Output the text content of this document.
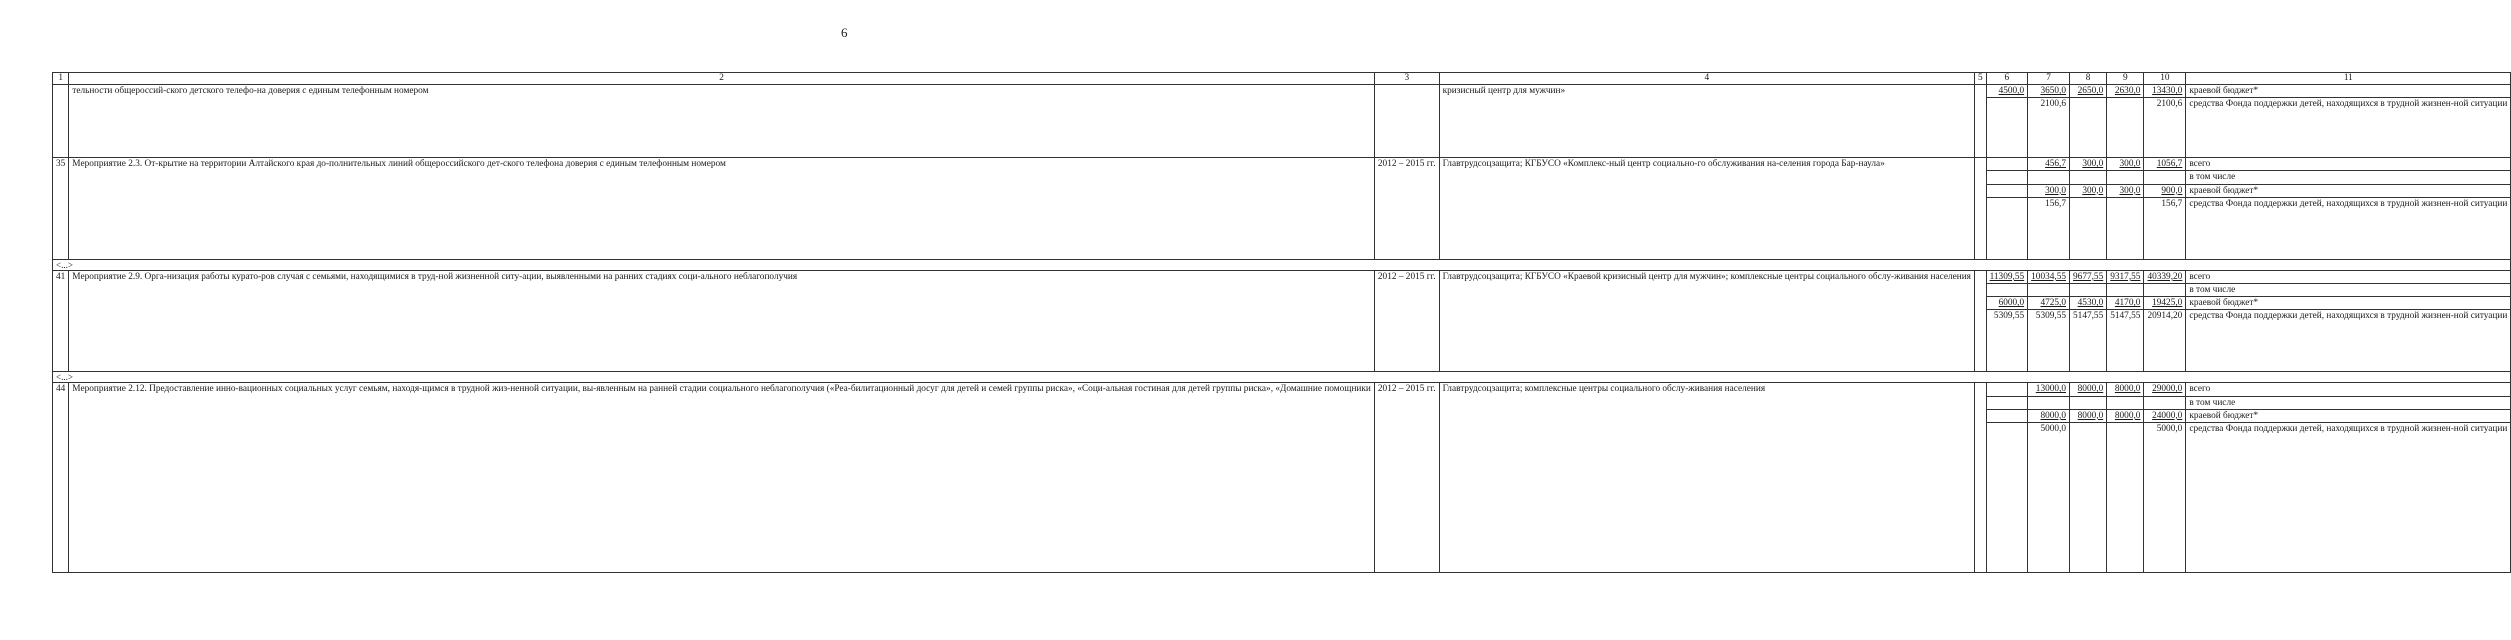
6
1	2	3	4	5	6	7	8	9	10	11
	тельности общероссий-ского детского телефо-на доверия с единым телефонным номером		кризисный центр для мужчин»		4500,0	3650,0	2650,0	2630,0	13430,0	краевой бюджет*
						2100,6			2100,6	средства Фонда поддержки детей, находящихся в трудной жизнен-ной ситуации
35	Мероприятие 2.3. От-крытие на территории Алтайского края до-полнительных линий общероссийского дет-ского телефона доверия с единым телефонным номером	2012 – 2015 гг.	Главтрудсоцзащита; КГБУСО «Комплекс-ный центр социально-го обслуживания на-селения города Бар-наула»			456,7	300,0	300,0	1056,7	всего
										в том числе
						300,0	300,0	300,0	900,0	краевой бюджет*
						156,7			156,7	средства Фонда поддержки детей, находящихся в трудной жизнен-ной ситуации
<...>										
41	Мероприятие 2.9. Орга-низация работы курато-ров случая с семьями, находящимися в труд-ной жизненной ситу-ации, выявленными на ранних стадиях соци-ального неблагополучия	2012 – 2015 гг.	Главтрудсоцзащита; КГБУСО «Краевой кризисный центр для мужчин»; комплексные центры социального обслу-живания населения		11309,55	10034,55	9677,55	9317,55	40339,20	всего
										в том числе
					6000,0	4725,0	4530,0	4170,0	19425,0	краевой бюджет*
					5309,55	5309,55	5147,55	5147,55	20914,20	средства Фонда поддержки детей, находящихся в трудной жизнен-ной ситуации
<...>										
44	Мероприятие 2.12. Предоставление инно-вационных социальных услуг семьям, находя-щимся в трудной жиз-ненной ситуации, вы-явленным на ранней стадии социального неблагополучия («Реа-билитационный досуг для детей и семей группы риска», «Соци-альная гостиная для детей группы риска», «Домашние помощники	2012 – 2015 гг.	Главтрудсоцзащита; комплексные центры социального обслу-живания населения			13000,0	8000,0	8000,0	29000,0	всего
										в том числе
						8000,0	8000,0	8000,0	24000,0	краевой бюджет*
						5000,0			5000,0	средства Фонда поддержки детей, находящихся в трудной жизнен-ной ситуации
